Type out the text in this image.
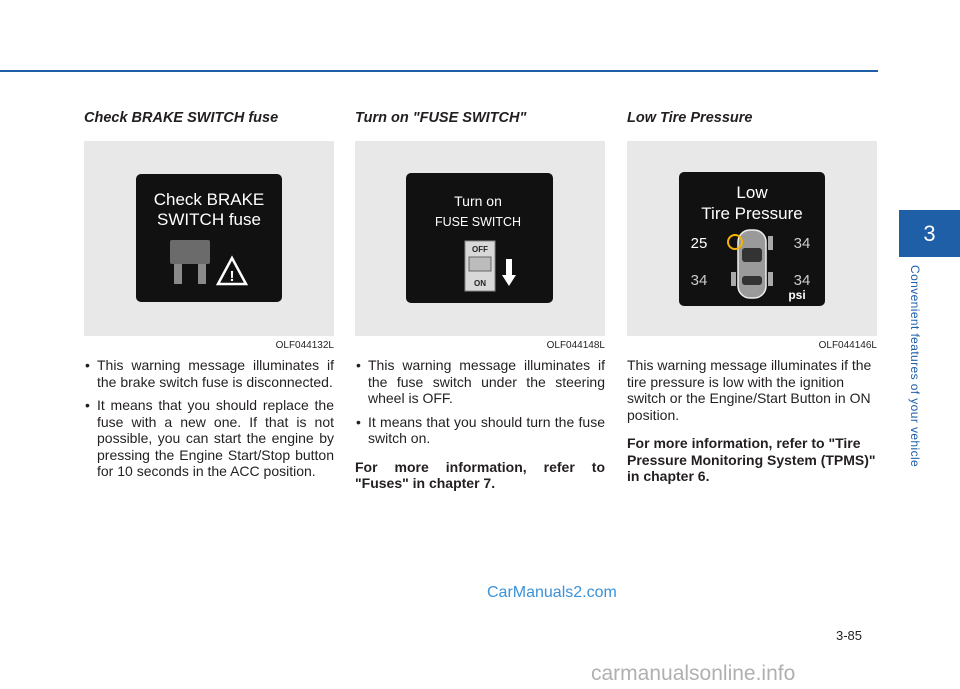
Check BRAKE SWITCH fuse
Check BRAKE
SWITCH fuse
!
OLF044132L
• This warning message illuminates if the brake switch fuse is disconnected.
• It means that you should replace the fuse with a new one. If that is not possible, you can start the engine by pressing the Engine Start/Stop button for 10 seconds in the ACC position.
Turn on "FUSE SWITCH"
Turn on
FUSE SWITCH
OFF
ON
OLF044148L
• This warning message illuminates if the fuse switch under the steering wheel is OFF.
• It means that you should turn the fuse switch on.

For more information, refer to "Fuses" in chapter 7.

Low Tire Pressure
Low
Tire Pressure
25	34
34	34
psi
OLF044146L

This warning message illuminates if the tire pressure is low with the ignition switch or the Engine/Start Button in ON position.

For more information, refer to "Tire Pressure Monitoring System (TPMS)" in chapter 6.

3
Convenient features of your vehicle
3-85
CarManuals2.com
carmanualsonline.info
